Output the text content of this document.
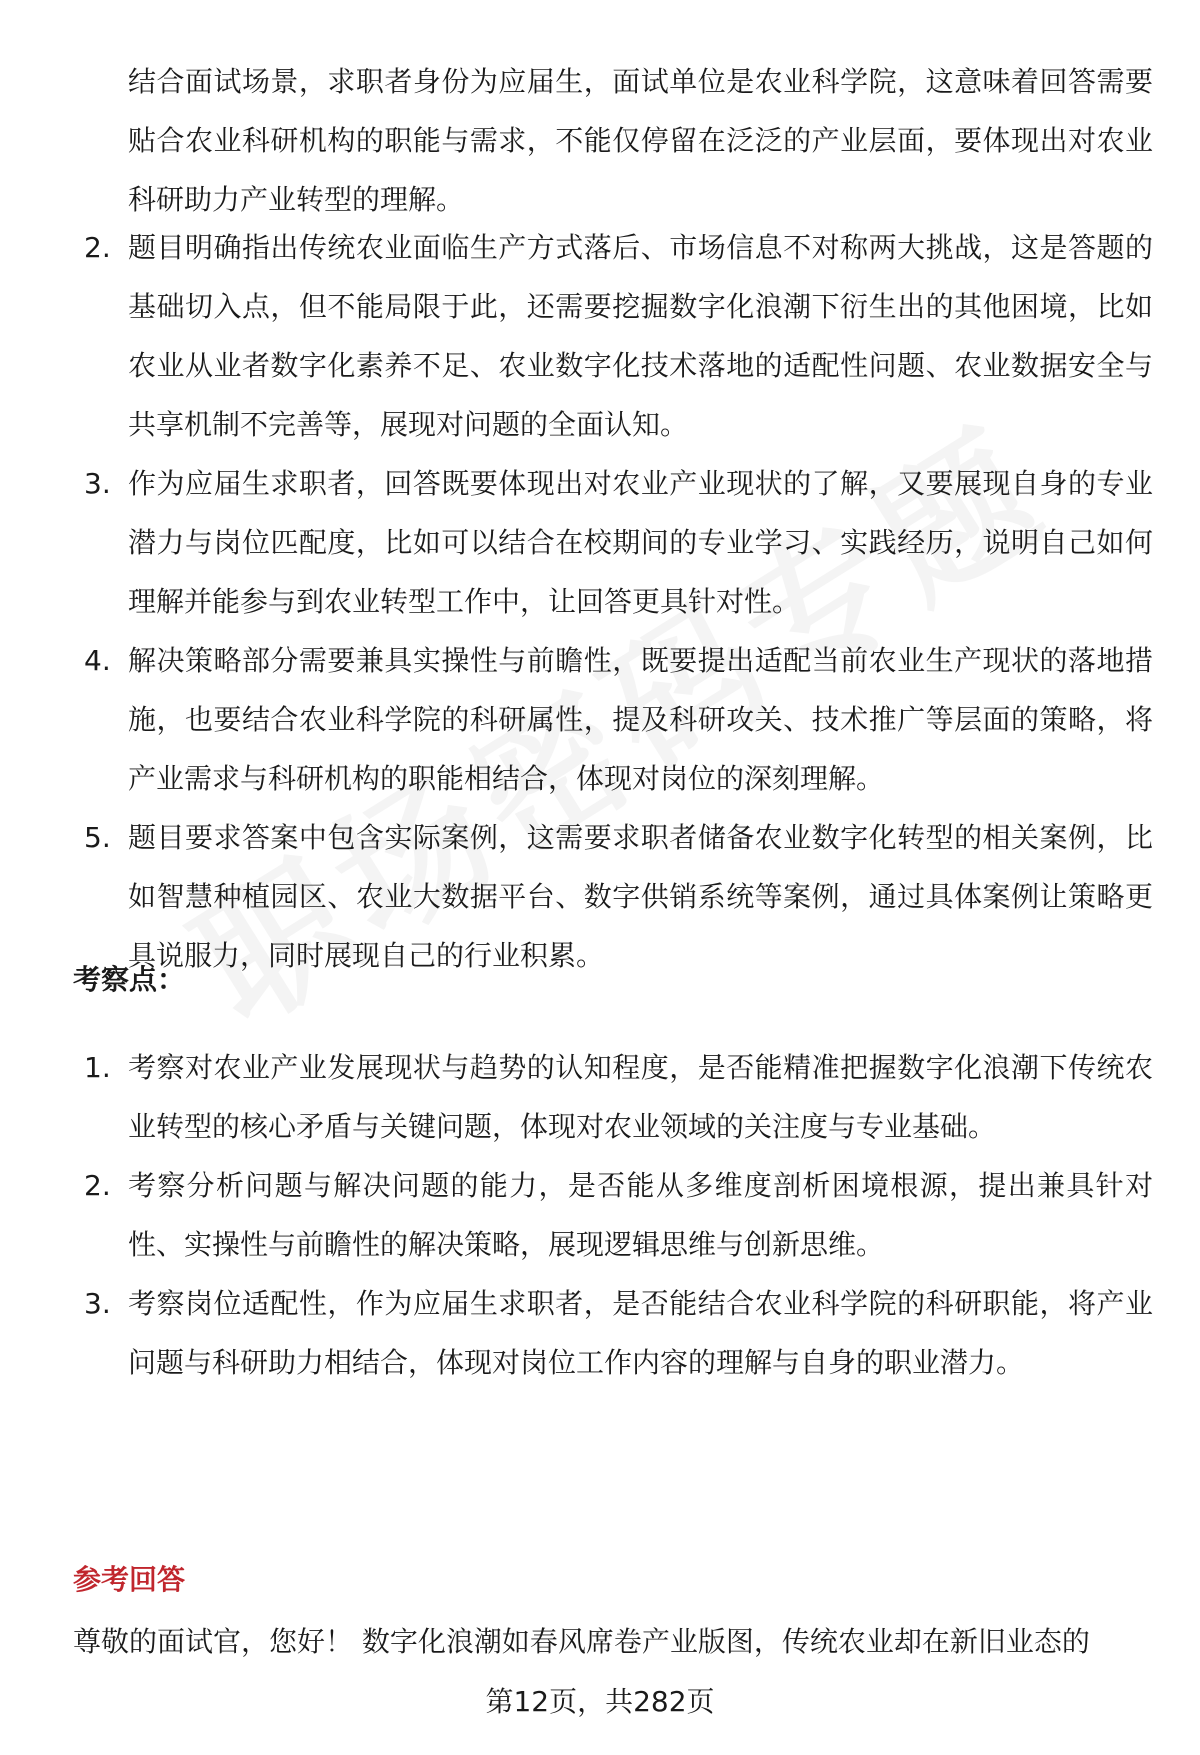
结合面试场景，求职者身份为应届生，面试单位是农业科学院，这意味着回答需要贴合农业科研机构的职能与需求，不能仅停留在泛泛的产业层面，要体现出对农业科研助力产业转型的理解。
2. 题目明确指出传统农业面临生产方式落后、市场信息不对称两大挑战，这是答题的基础切入点，但不能局限于此，还需要挖掘数字化浪潮下衍生出的其他困境，比如农业从业者数字化素养不足、农业数字化技术落地的适配性问题、农业数据安全与共享机制不完善等，展现对问题的全面认知。
3. 作为应届生求职者，回答既要体现出对农业产业现状的了解，又要展现自身的专业潜力与岗位匹配度，比如可以结合在校期间的专业学习、实践经历，说明自己如何理解并能参与到农业转型工作中，让回答更具针对性。
4. 解决策略部分需要兼具实操性与前瞻性，既要提出适配当前农业生产现状的落地措施，也要结合农业科学院的科研属性，提及科研攻关、技术推广等层面的策略，将产业需求与科研机构的职能相结合，体现对岗位的深刻理解。
5. 题目要求答案中包含实际案例，这需要求职者储备农业数字化转型的相关案例，比如智慧种植园区、农业大数据平台、数字供销系统等案例，通过具体案例让策略更具说服力，同时展现自己的行业积累。
考察点：
1. 考察对农业产业发展现状与趋势的认知程度，是否能精准把握数字化浪潮下传统农业转型的核心矛盾与关键问题，体现对农业领域的关注度与专业基础。
2. 考察分析问题与解决问题的能力，是否能从多维度剖析困境根源，提出兼具针对性、实操性与前瞻性的解决策略，展现逻辑思维与创新思维。
3. 考察岗位适配性，作为应届生求职者，是否能结合农业科学院的科研职能，将产业问题与科研助力相结合，体现对岗位工作内容的理解与自身的职业潜力。
参考回答
尊敬的面试官，您好！ 数字化浪潮如春风席卷产业版图，传统农业却在新旧业态的
第12页，共282页
